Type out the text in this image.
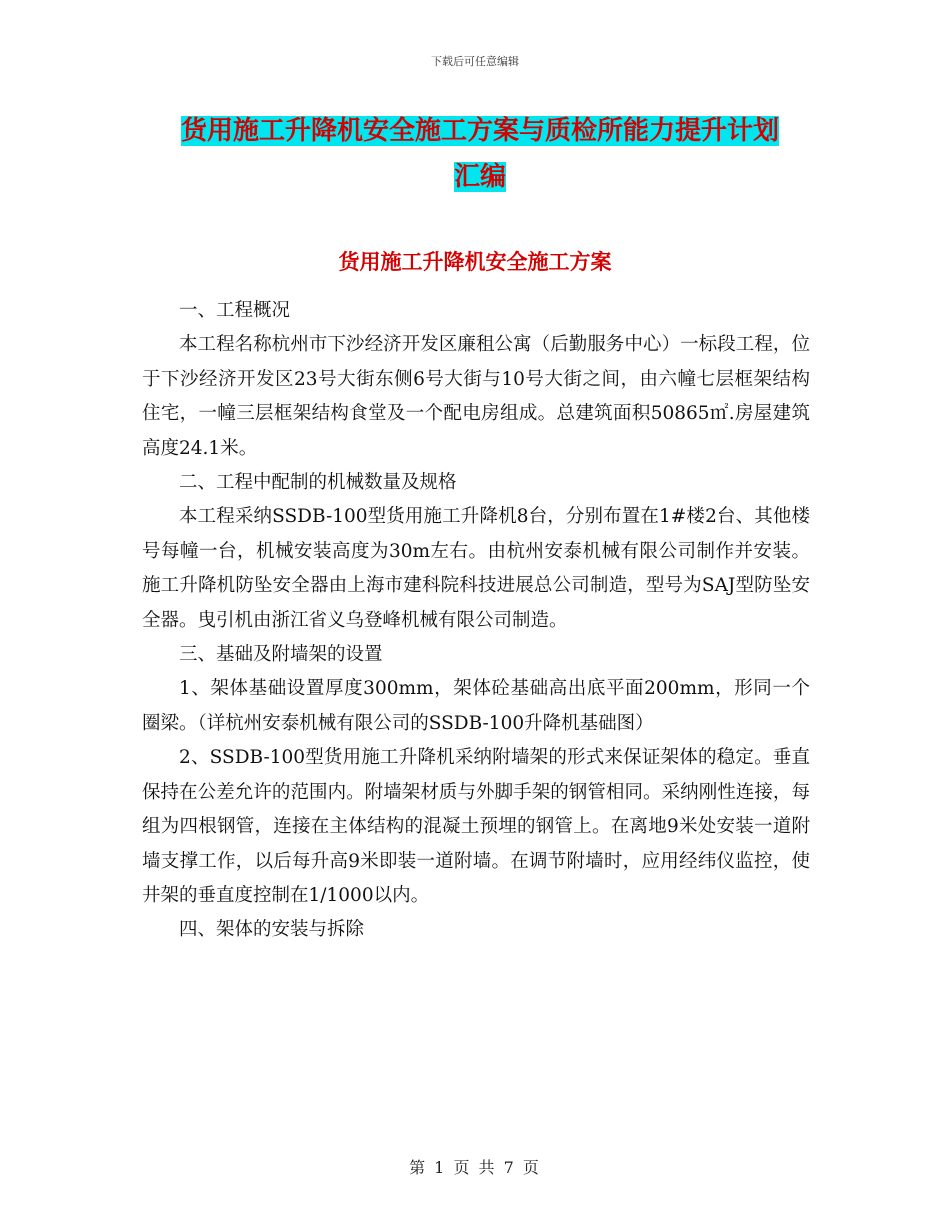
下载后可任意编辑
货用施工升降机安全施工方案与质检所能力提升计划
汇编
货用施工升降机安全施工方案

一、工程概况

本工程名称杭州市下沙经济开发区廉租公寓（后勤服务中心）一标段工程，位于下沙经济开发区23号大街东侧6号大街与10号大街之间，由六幢七层框架结构住宅，一幢三层框架结构食堂及一个配电房组成。总建筑面积50865㎡.房屋建筑高度24.1米。

二、工程中配制的机械数量及规格

本工程采纳SSDB-100型货用施工升降机8台，分别布置在1#楼2台、其他楼号每幢一台，机械安装高度为30m左右。由杭州安泰机械有限公司制作并安装。施工升降机防坠安全器由上海市建科院科技进展总公司制造，型号为SAJ型防坠安全器。曳引机由浙江省义乌登峰机械有限公司制造。

三、基础及附墙架的设置

1、架体基础设置厚度300mm，架体砼基础高出底平面200mm，形同一个圈梁。（详杭州安泰机械有限公司的SSDB-100升降机基础图）

2、SSDB-100型货用施工升降机采纳附墙架的形式来保证架体的稳定。垂直保持在公差允许的范围内。附墙架材质与外脚手架的钢管相同。采纳刚性连接，每组为四根钢管，连接在主体结构的混凝土预埋的钢管上。在离地9米处安装一道附墙支撑工作，以后每升高9米即装一道附墙。在调节附墙时，应用经纬仪监控，使井架的垂直度控制在1/1000以内。

四、架体的安装与拆除

第 1 页 共 7 页
